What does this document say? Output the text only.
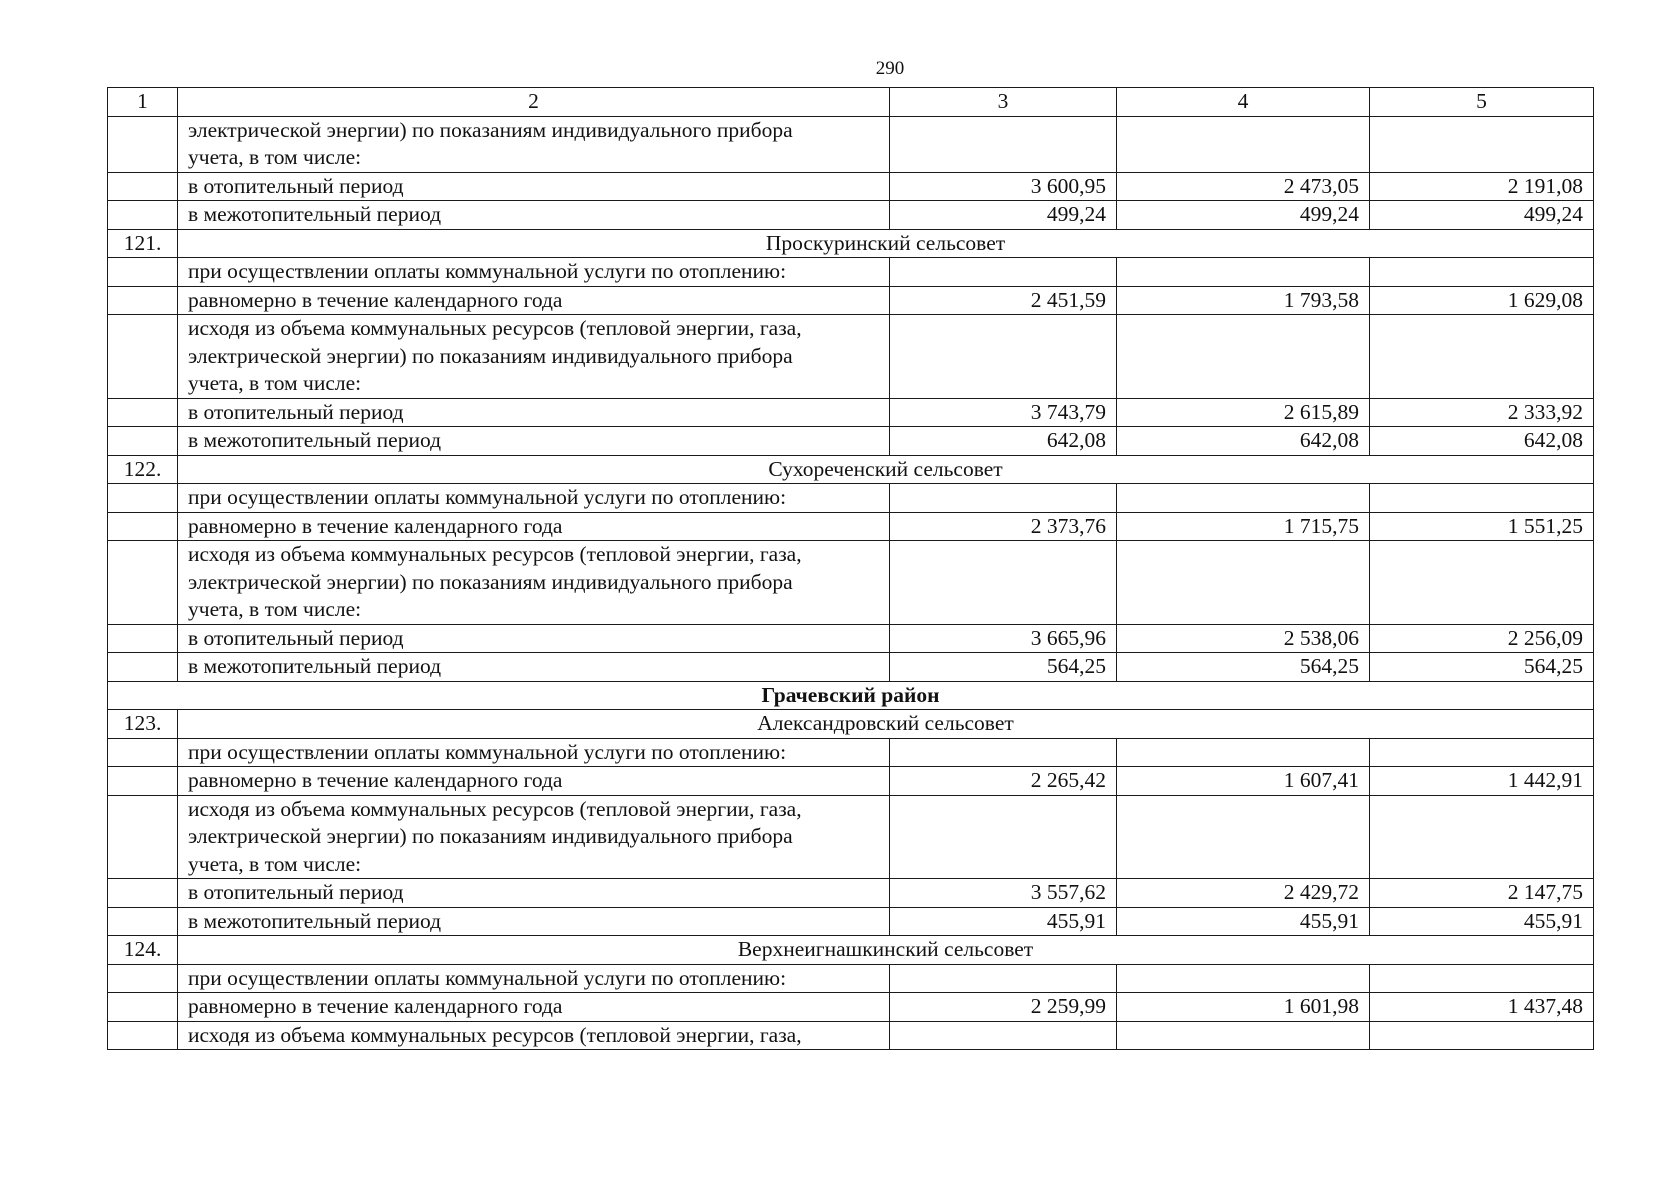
290
1	2	3	4	5

	электрической энергии) по показаниям индивидуального прибора
учета, в том числе:			

	в отопительный период	3 600,95	2 473,05	2 191,08
	в межотопительный период	499,24	499,24	499,24
121.	Проскуринский сельсовет			

	при осуществлении оплаты коммунальной услуги по отоплению:			

	равномерно в течение календарного года	2 451,59	1 793,58	1 629,08

	исходя из объема коммунальных ресурсов (тепловой энергии, газа,
электрической энергии) по показаниям индивидуального прибора
учета, в том числе:			

	в отопительный период	3 743,79	2 615,89	2 333,92
	в межотопительный период	642,08	642,08	642,08
122.	Сухореченский сельсовет			

	при осуществлении оплаты коммунальной услуги по отоплению:			

	равномерно в течение календарного года	2 373,76	1 715,75	1 551,25

	исходя из объема коммунальных ресурсов (тепловой энергии, газа,
электрической энергии) по показаниям индивидуального прибора
учета, в том числе:			

	в отопительный период	3 665,96	2 538,06	2 256,09
	в межотопительный период	564,25	564,25	564,25
Грачевский район				
123.	Александровский сельсовет			

	при осуществлении оплаты коммунальной услуги по отоплению:			

	равномерно в течение календарного года	2 265,42	1 607,41	1 442,91

	исходя из объема коммунальных ресурсов (тепловой энергии, газа,
электрической энергии) по показаниям индивидуального прибора
учета, в том числе:			

	в отопительный период	3 557,62	2 429,72	2 147,75
	в межотопительный период	455,91	455,91	455,91
124.	Верхнеигнашкинский сельсовет			

	при осуществлении оплаты коммунальной услуги по отоплению:			

	равномерно в течение календарного года	2 259,99	1 601,98	1 437,48

	исходя из объема коммунальных ресурсов (тепловой энергии, газа,			
